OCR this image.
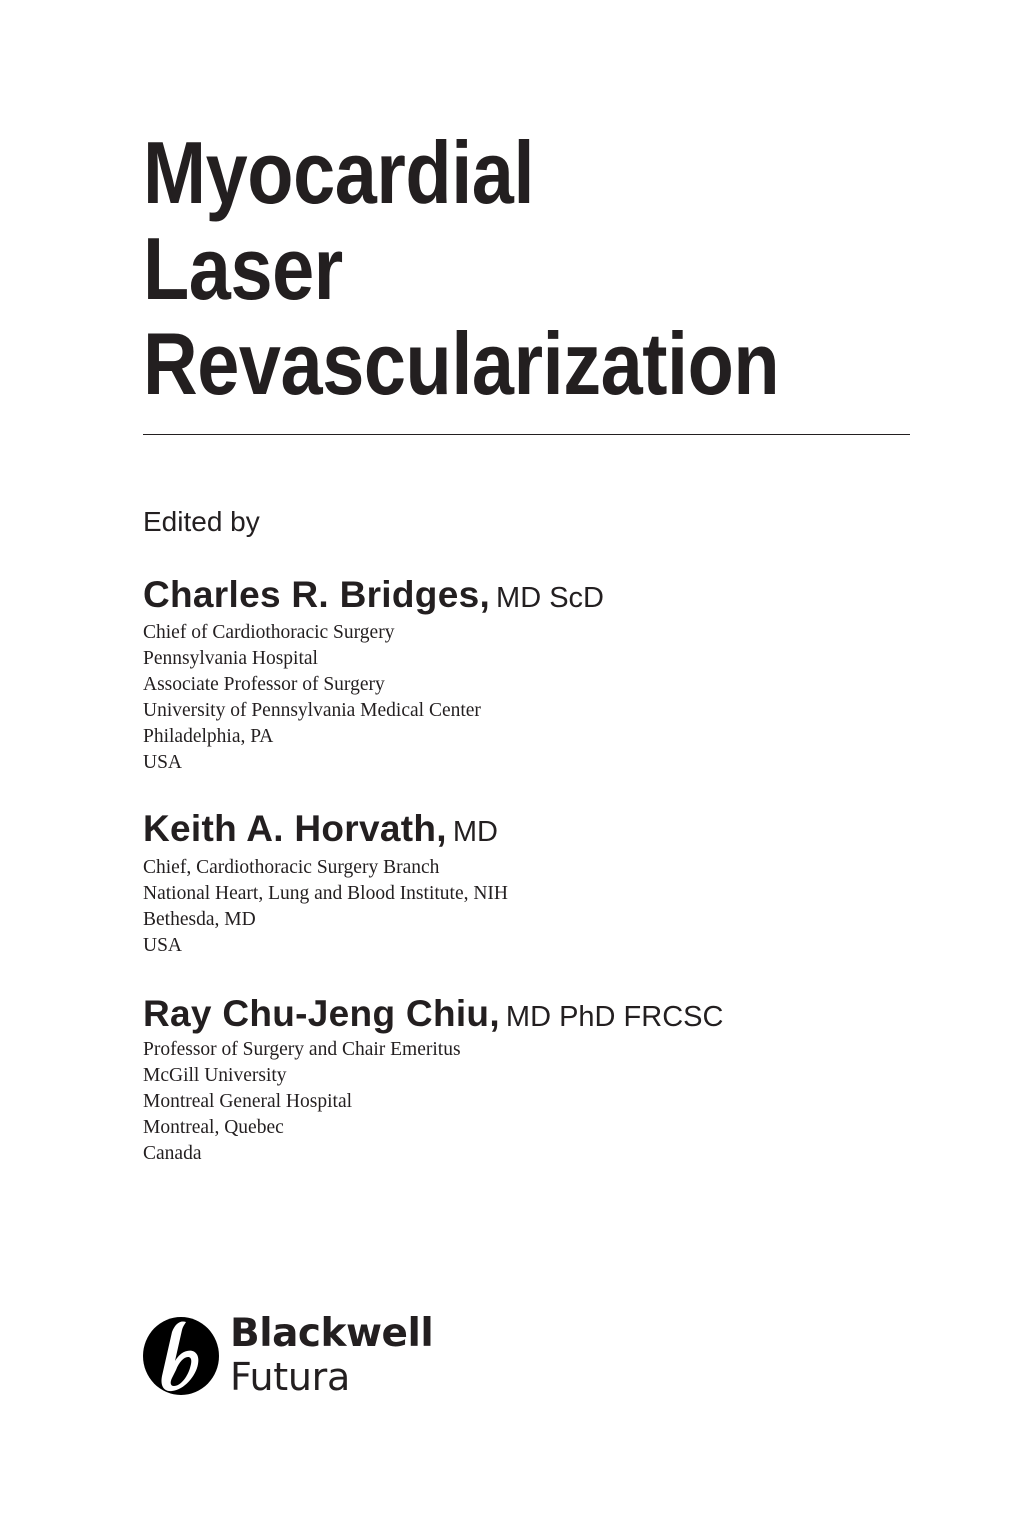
Myocardial
Laser
Revascularization
Edited by
Charles R. Bridges, MD ScD
Chief of Cardiothoracic Surgery
Pennsylvania Hospital
Associate Professor of Surgery
University of Pennsylvania Medical Center
Philadelphia, PA
USA
Keith A. Horvath, MD
Chief, Cardiothoracic Surgery Branch
National Heart, Lung and Blood Institute, NIH
Bethesda, MD
USA
Ray Chu-Jeng Chiu, MD PhD FRCSC
Professor of Surgery and Chair Emeritus
McGill University
Montreal General Hospital
Montreal, Quebec
Canada
Blackwell
Futura
